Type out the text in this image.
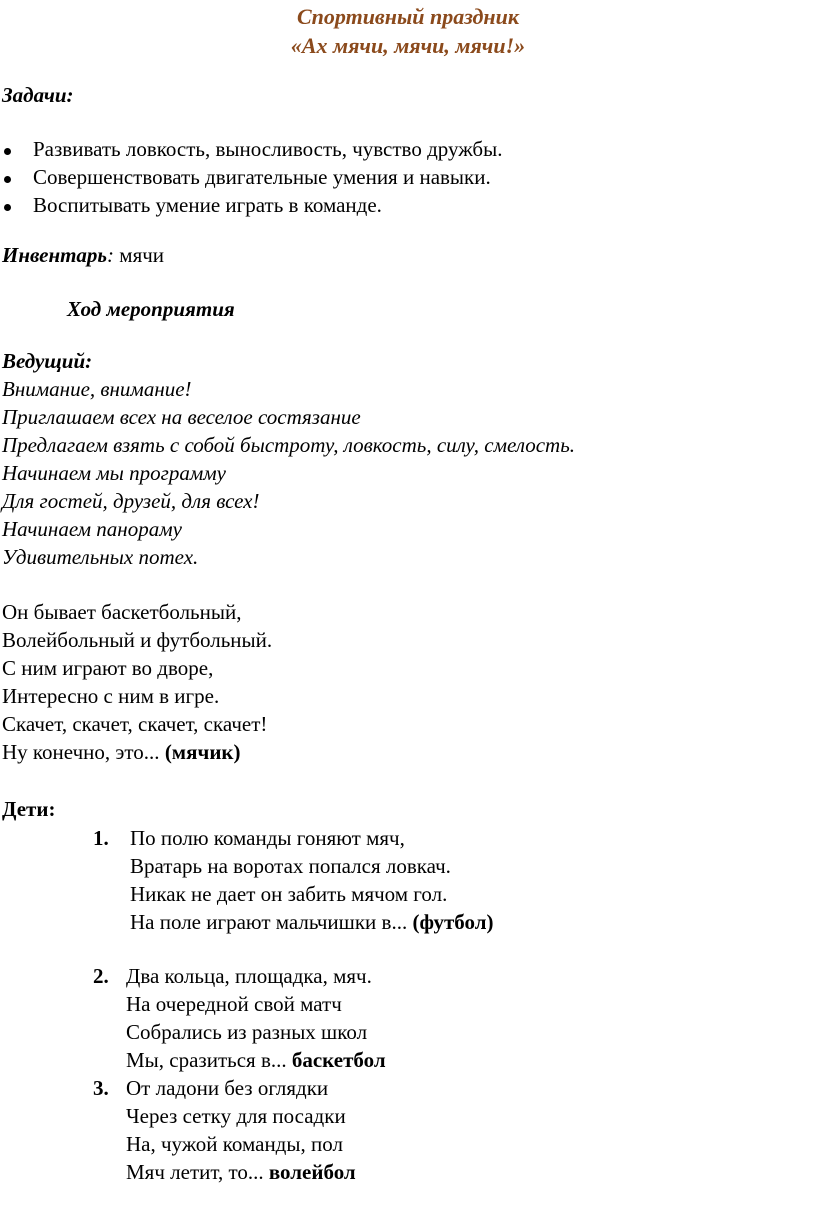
Спортивный праздник
«Ах мячи, мячи, мячи!»
Задачи:
Развивать ловкость, выносливость, чувство дружбы.
Совершенствовать двигательные умения и навыки.
Воспитывать умение играть в команде.
Инвентарь: мячи
Ход мероприятия
Ведущий:
Внимание, внимание!
Приглашаем всех на веселое состязание
Предлагаем взять с собой быстроту, ловкость, силу, смелость.
Начинаем мы программу
Для гостей, друзей, для всех!
Начинаем панораму
Удивительных потех.
Он бывает баскетбольный,
Волейбольный и футбольный.
С ним играют во дворе,
Интересно с ним в игре.
Скачет, скачет, скачет, скачет!
Ну конечно, это... (мячик)
Дети:
1. По полю команды гоняют мяч,
Вратарь на воротах попался ловкач.
Никак не дает он забить мячом гол.
На поле играют мальчишки в... (футбол)
2. Два кольца, площадка, мяч.
На очередной свой матч
Собрались из разных школ
Мы, сразиться в... баскетбол
3. От ладони без оглядки
Через сетку для посадки
На, чужой команды, пол
Мяч летит, то... волейбол
